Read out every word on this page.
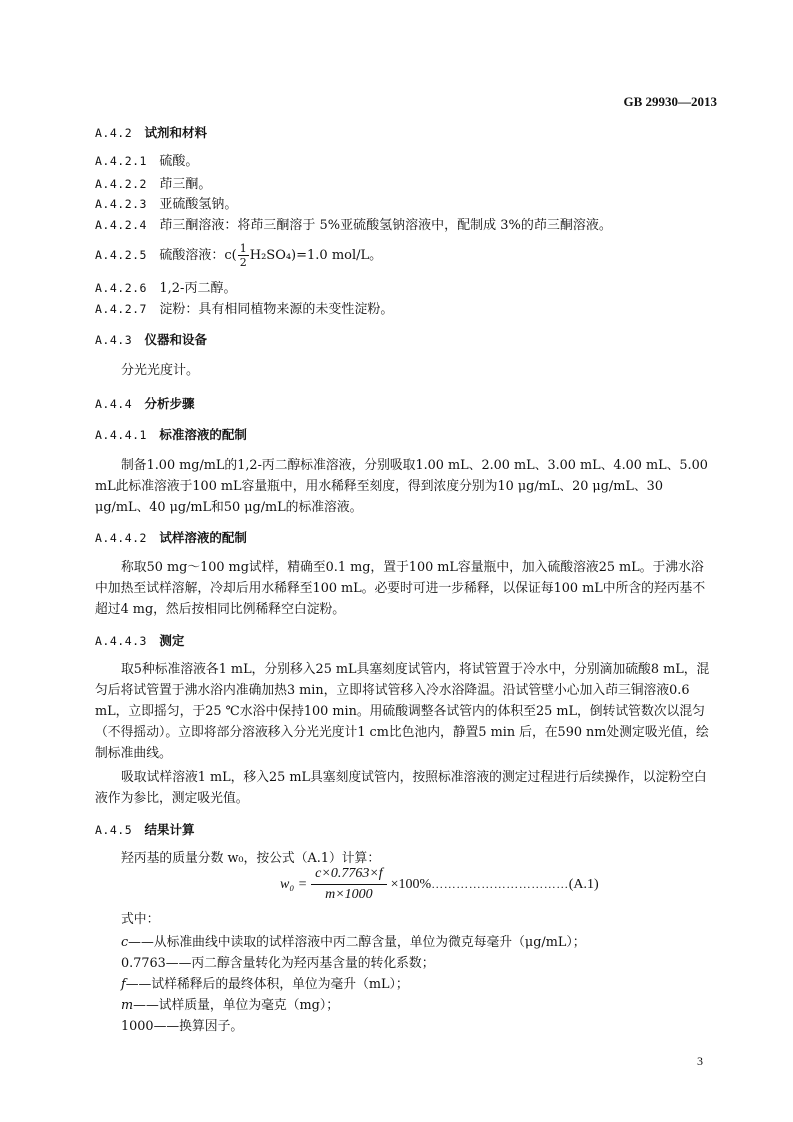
GB 29930—2013
A.4.2 试剂和材料
A.4.2.1 硫酸。
A.4.2.2 茚三酮。
A.4.2.3 亚硫酸氢钠。
A.4.2.4 茚三酮溶液：将茚三酮溶于 5%亚硫酸氢钠溶液中，配制成 3%的茚三酮溶液。
A.4.2.5 硫酸溶液：$c( \frac{1}{2} H_2SO_4)=1.0$ mol/L。
A.4.2.6 1,2-丙二醇。
A.4.2.7 淀粉：具有相同植物来源的未变性淀粉。
A.4.3 仪器和设备
分光光度计。
A.4.4 分析步骤
A.4.4.1 标准溶液的配制

制备1.00 mg/mL的1,2-丙二醇标准溶液，分别吸取1.00 mL、2.00 mL、3.00 mL、4.00 mL、5.00 mL此标准溶液于100 mL容量瓶中，用水稀释至刻度，得到浓度分别为10 μg/mL、20 μg/mL、30 μg/mL、40 μg/mL和50 μg/mL的标准溶液。

A.4.4.2 试样溶液的配制

称取50 mg～100 mg试样，精确至0.1 mg，置于100 mL容量瓶中，加入硫酸溶液25 mL。于沸水浴中加热至试样溶解，冷却后用水稀释至100 mL。必要时可进一步稀释，以保证每100 mL中所含的羟丙基不超过4 mg，然后按相同比例稀释空白淀粉。

A.4.4.3 测定

取5种标准溶液各1 mL，分别移入25 mL具塞刻度试管内，将试管置于冷水中，分别滴加硫酸8 mL，混匀后将试管置于沸水浴内准确加热3 min，立即将试管移入冷水浴降温。沿试管壁小心加入茚三铜溶液0.6 mL，立即摇匀，于25 ℃水浴中保持100 min。用硫酸调整各试管内的体积至25 mL，倒转试管数次以混匀（不得摇动）。立即将部分溶液移入分光光度计1 cm比色池内，静置5 min 后，在590 nm处测定吸光值，绘制标准曲线。

吸取试样溶液1 mL，移入25 mL具塞刻度试管内，按照标准溶液的测定过程进行后续操作，以淀粉空白液作为参比，测定吸光值。

A.4.5 结果计算
羟丙基的质量分数 w₀，按公式（A.1）计算：
$w_0 = \frac{c\times 0.7763\times f}{m\times 1000} \times 100\%$ …………………………… (A.1)
式中：
c——从标准曲线中读取的试样溶液中丙二醇含量，单位为微克每毫升（μg/mL）；
0.7763——丙二醇含量转化为羟丙基含量的转化系数；
f——试样稀释后的最终体积，单位为毫升（mL）；
m——试样质量，单位为毫克（mg）；
1000——换算因子。
3
